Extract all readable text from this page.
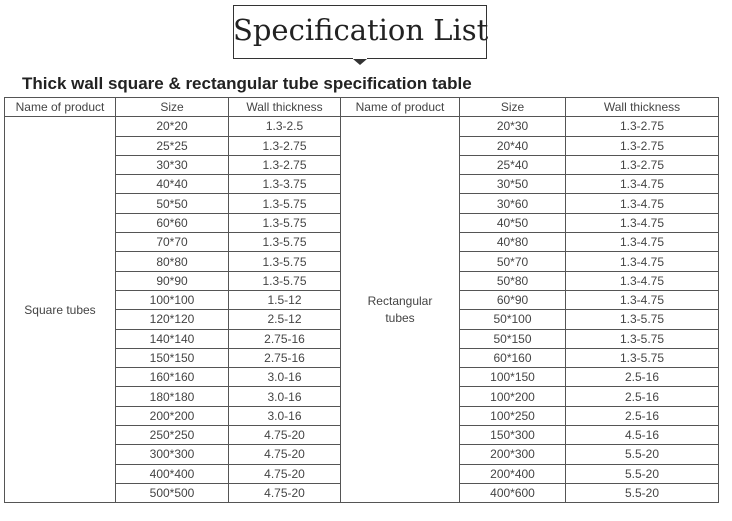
Specification List
Thick wall square & rectangular tube specification table
Name of product	Size	Wall thickness	Name of product	Size	Wall thickness
Square tubes	20*20	1.3-2.5	Rectangular tubes	20*30	1.3-2.75
	25*25	1.3-2.75		20*40	1.3-2.75
	30*30	1.3-2.75		25*40	1.3-2.75
	40*40	1.3-3.75		30*50	1.3-4.75
	50*50	1.3-5.75		30*60	1.3-4.75
	60*60	1.3-5.75		40*50	1.3-4.75
	70*70	1.3-5.75		40*80	1.3-4.75
	80*80	1.3-5.75		50*70	1.3-4.75
	90*90	1.3-5.75		50*80	1.3-4.75
	100*100	1.5-12		60*90	1.3-4.75
	120*120	2.5-12		50*100	1.3-5.75
	140*140	2.75-16		50*150	1.3-5.75
	150*150	2.75-16		60*160	1.3-5.75
	160*160	3.0-16		100*150	2.5-16
	180*180	3.0-16		100*200	2.5-16
	200*200	3.0-16		100*250	2.5-16
	250*250	4.75-20		150*300	4.5-16
	300*300	4.75-20		200*300	5.5-20
	400*400	4.75-20		200*400	5.5-20
	500*500	4.75-20		400*600	5.5-20
